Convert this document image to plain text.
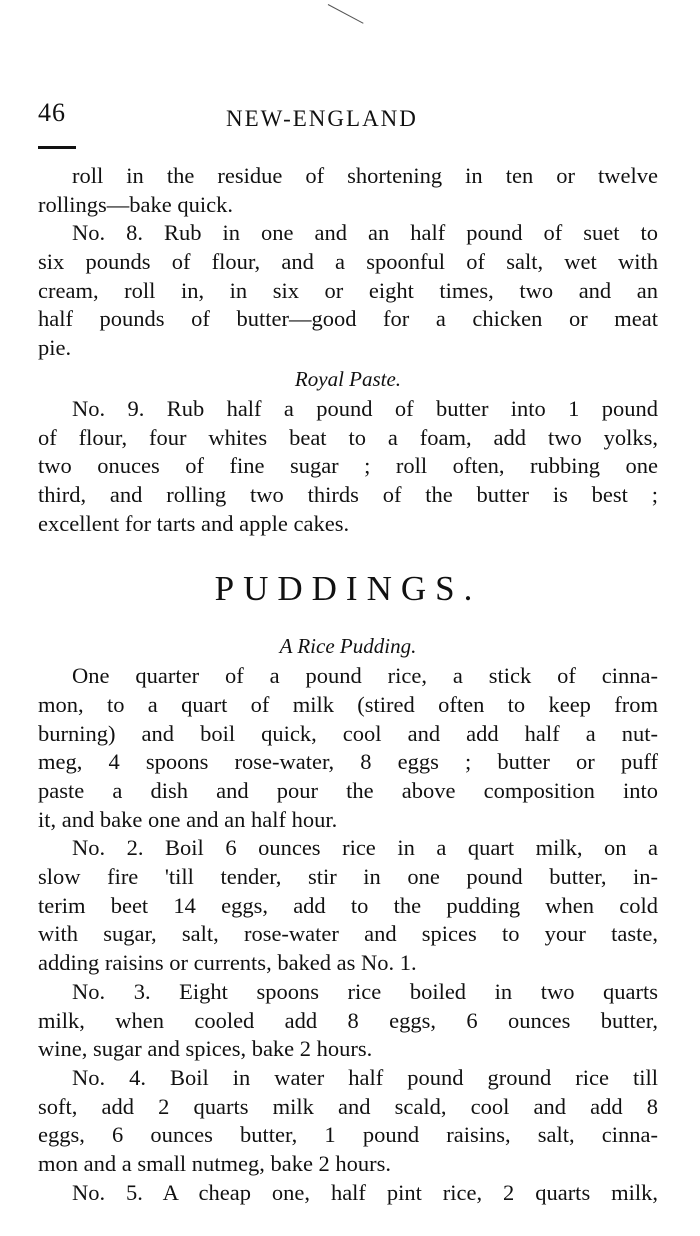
46	NEW-ENGLAND
roll in the residue of shortening in ten or twelve
rollings—bake quick.
No. 8. Rub in one and an half pound of suet to
six pounds of flour, and a spoonful of salt, wet with
cream, roll in, in six or eight times, two and an
half pounds of butter—good for a chicken or meat
pie.
Royal Paste.
No. 9. Rub half a pound of butter into 1 pound
of flour, four whites beat to a foam, add two yolks,
two onuces of fine sugar ; roll often, rubbing one
third, and rolling two thirds of the butter is best ;
excellent for tarts and apple cakes.
PUDDINGS.
A Rice Pudding.
One quarter of a pound rice, a stick of cinna-
mon, to a quart of milk (stired often to keep from
burning) and boil quick, cool and add half a nut-
meg, 4 spoons rose-water, 8 eggs ; butter or puff
paste a dish and pour the above composition into
it, and bake one and an half hour.
No. 2. Boil 6 ounces rice in a quart milk, on a
slow fire 'till tender, stir in one pound butter, in-
terim beet 14 eggs, add to the pudding when cold
with sugar, salt, rose-water and spices to your taste,
adding raisins or currents, baked as No. 1.
No. 3. Eight spoons rice boiled in two quarts
milk, when cooled add 8 eggs, 6 ounces butter,
wine, sugar and spices, bake 2 hours.
No. 4. Boil in water half pound ground rice till
soft, add 2 quarts milk and scald, cool and add 8
eggs, 6 ounces butter, 1 pound raisins, salt, cinna-
mon and a small nutmeg, bake 2 hours.
No. 5. A cheap one, half pint rice, 2 quarts milk,
